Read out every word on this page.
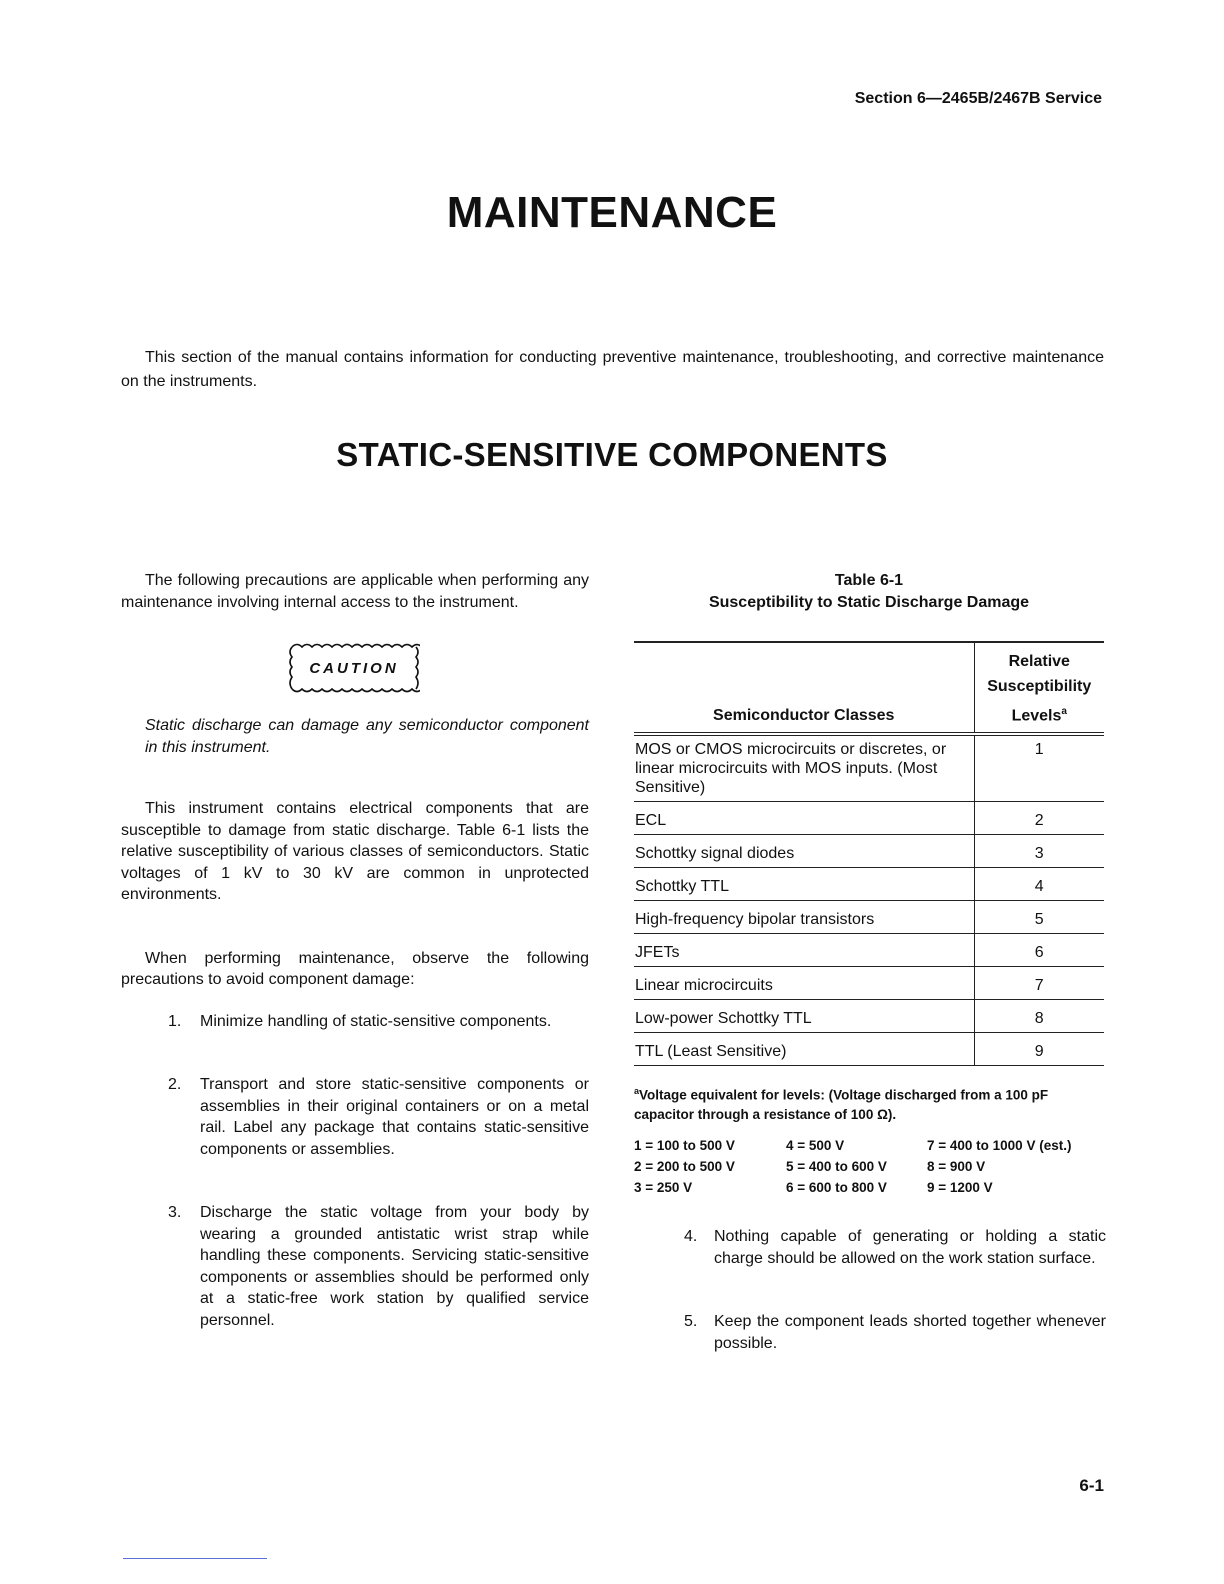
Section 6—2465B/2467B Service
MAINTENANCE

This section of the manual contains information for conducting preventive maintenance, troubleshooting, and corrective maintenance on the instruments.

STATIC-SENSITIVE COMPONENTS

The following precautions are applicable when performing any maintenance involving internal access to the instrument.

CAUTION

Static discharge can damage any semiconductor component in this instrument.

This instrument contains electrical components that are susceptible to damage from static discharge. Table 6-1 lists the relative susceptibility of various classes of semiconductors. Static voltages of 1 kV to 30 kV are common in unprotected environments.

When performing maintenance, observe the following precautions to avoid component damage:

1. Minimize handling of static-sensitive components.
2. Transport and store static-sensitive components or assemblies in their original containers or on a metal rail. Label any package that contains static-sensitive components or assemblies.
3. Discharge the static voltage from your body by wearing a grounded antistatic wrist strap while handling these components. Servicing static-sensitive components or assemblies should be performed only at a static-free work station by qualified service personnel.
Table 6-1
Susceptibility to Static Discharge Damage
Semiconductor Classes	Relative
Susceptibility
Levels$^a$
MOS or CMOS microcircuits or discretes, or linear microcircuits with MOS inputs. (Most Sensitive)	1
ECL	2
Schottky signal diodes	3
Schottky TTL	4
High-frequency bipolar transistors	5
JFETs	6
Linear microcircuits	7
Low-power Schottky TTL	8
TTL (Least Sensitive)	9

$^a$Voltage equivalent for levels: (Voltage discharged from a 100 pF capacitor through a resistance of 100 Ω).

1 = 100 to 500 V	4 = 500 V	7 = 400 to 1000 V (est.)
2 = 200 to 500 V	5 = 400 to 600 V	8 = 900 V
3 = 250 V	6 = 600 to 800 V	9 = 1200 V
4. Nothing capable of generating or holding a static charge should be allowed on the work station surface.
5. Keep the component leads shorted together whenever possible.
6-1
